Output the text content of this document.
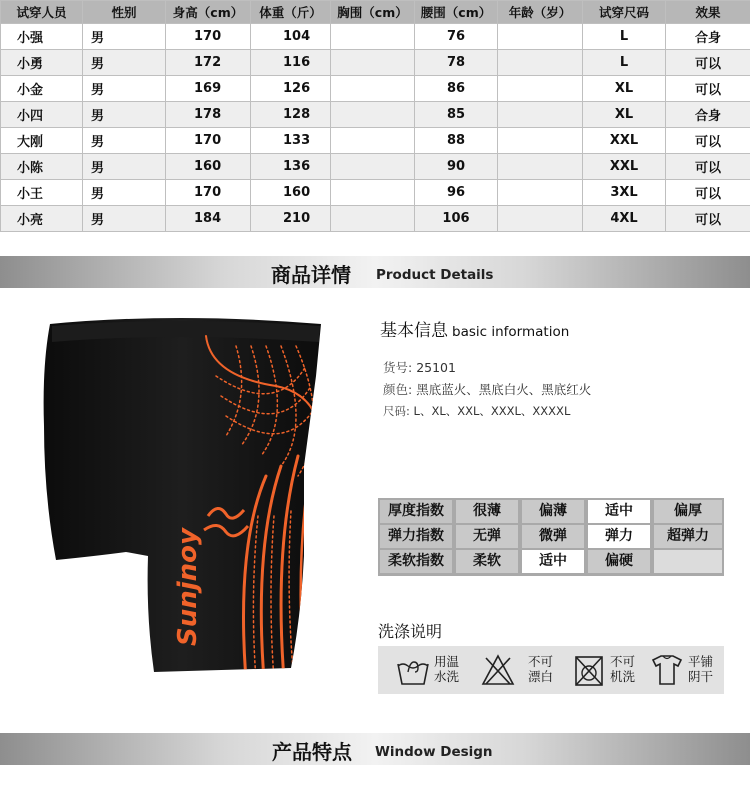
试穿人员	性别	身高（cm）	体重（斤）	胸围（cm）	腰围（cm）	年龄（岁）	试穿尺码	效果
小强	男	170	104		76		L	合身
小勇	男	172	116		78		L	可以
小金	男	169	126		86		XL	可以
小四	男	178	128		85		XL	合身
大刚	男	170	133		88		XXL	可以
小陈	男	160	136		90		XXL	可以
小王	男	170	160		96		3XL	可以
小亮	男	184	210		106		4XL	可以
商品详情 Product Details
Sunjnoy
基本信息 basic information
货号: 25101
颜色: 黑底蓝火、黑底白火、黑底红火
尺码: L、XL、XXL、XXXL、XXXXL
厚度指数	很薄	偏薄	适中	偏厚
弹力指数	无弹	微弹	弹力	超弹力
柔软指数	柔软	适中	偏硬
洗涤说明
用温
水洗
不可
漂白
不可
机洗
平铺
阴干
产品特点 Window Design
